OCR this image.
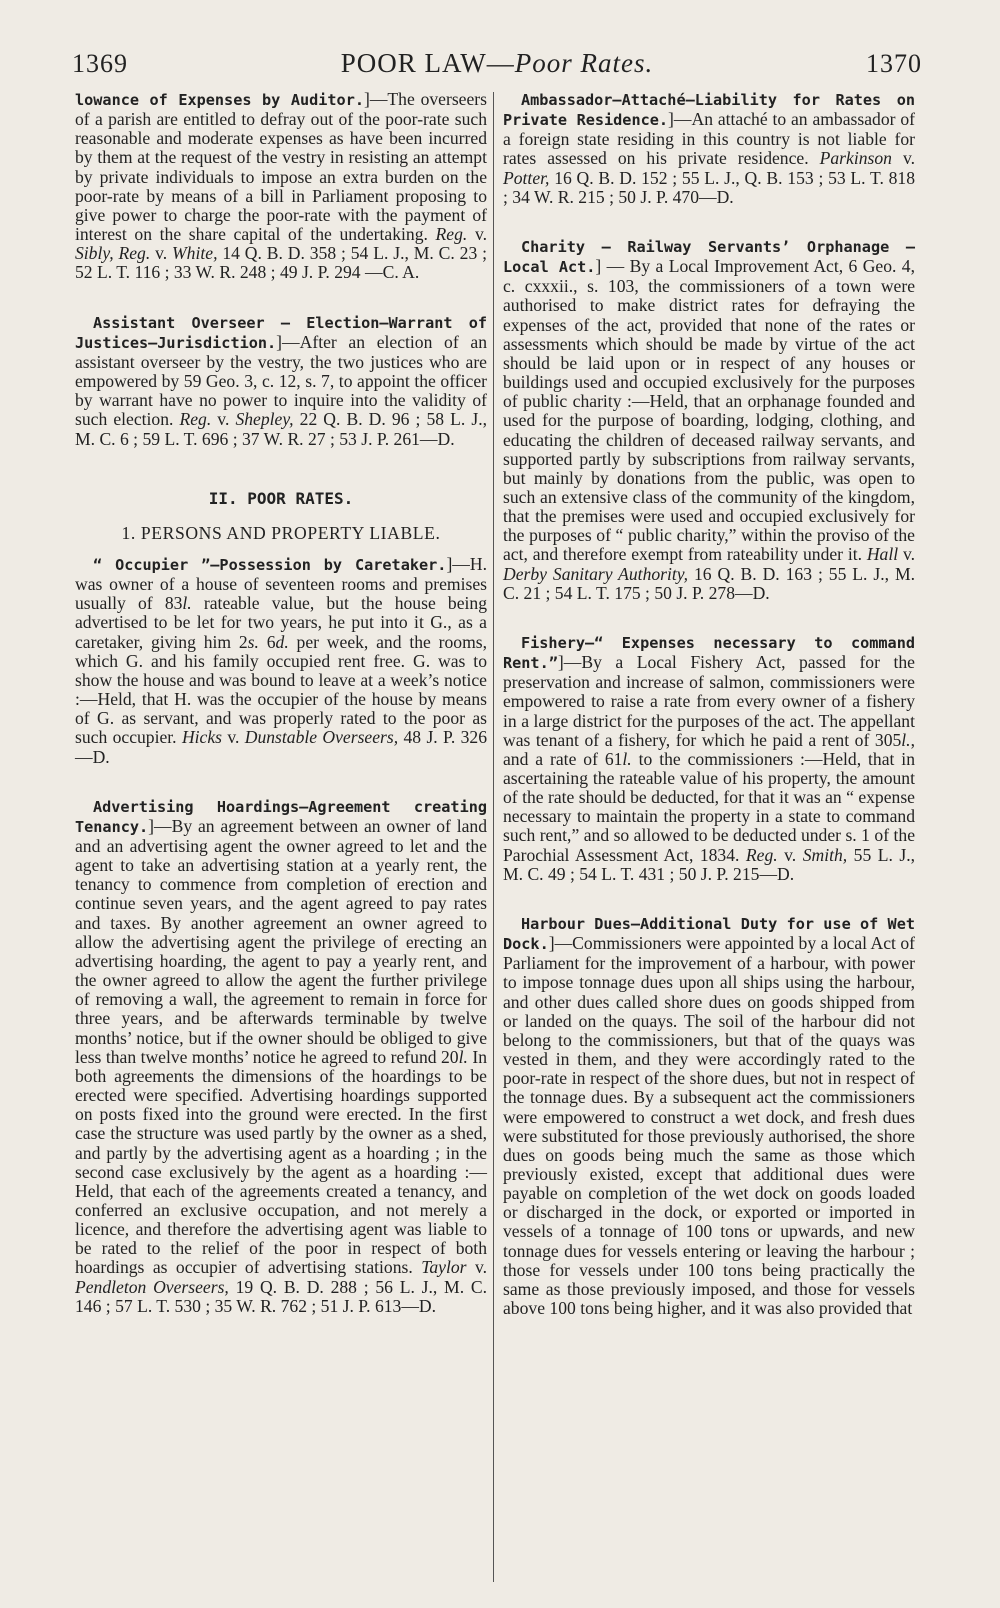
1369	POOR LAW—Poor Rates.	1370

lowance of Expenses by Auditor.]—The overseers of a parish are entitled to defray out of the poor-rate such reasonable and moderate expenses as have been incurred by them at the request of the vestry in resisting an attempt by private individuals to impose an extra burden on the poor-rate by means of a bill in Parliament proposing to give power to charge the poor-rate with the payment of interest on the share capital of the undertaking. Reg. v. Sibly, Reg. v. White, 14 Q. B. D. 358 ; 54 L. J., M. C. 23 ; 52 L. T. 116 ; 33 W. R. 248 ; 49 J. P. 294 —C. A.

Assistant Overseer — Election—Warrant of Justices—Jurisdiction.]—After an election of an assistant overseer by the vestry, the two justices who are empowered by 59 Geo. 3, c. 12, s. 7, to appoint the officer by warrant have no power to inquire into the validity of such election. Reg. v. Shepley, 22 Q. B. D. 96 ; 58 L. J., M. C. 6 ; 59 L. T. 696 ; 37 W. R. 27 ; 53 J. P. 261—D.

II. POOR RATES.
1. PERSONS AND PROPERTY LIABLE.

“ Occupier ”—Possession by Caretaker.]—H. was owner of a house of seventeen rooms and premises usually of 83l. rateable value, but the house being advertised to be let for two years, he put into it G., as a caretaker, giving him 2s. 6d. per week, and the rooms, which G. and his family occupied rent free. G. was to show the house and was bound to leave at a week’s notice :—Held, that H. was the occupier of the house by means of G. as servant, and was properly rated to the poor as such occupier. Hicks v. Dunstable Overseers, 48 J. P. 326—D.

Advertising Hoardings—Agreement creating Tenancy.]—By an agreement between an owner of land and an advertising agent the owner agreed to let and the agent to take an advertising station at a yearly rent, the tenancy to commence from completion of erection and continue seven years, and the agent agreed to pay rates and taxes. By another agreement an owner agreed to allow the advertising agent the privilege of erecting an advertising hoarding, the agent to pay a yearly rent, and the owner agreed to allow the agent the further privilege of removing a wall, the agreement to remain in force for three years, and be afterwards terminable by twelve months’ notice, but if the owner should be obliged to give less than twelve months’ notice he agreed to refund 20l. In both agreements the dimensions of the hoardings to be erected were specified. Advertising hoardings supported on posts fixed into the ground were erected. In the first case the structure was used partly by the owner as a shed, and partly by the advertising agent as a hoarding ; in the second case exclusively by the agent as a hoarding :—Held, that each of the agreements created a tenancy, and conferred an exclusive occupation, and not merely a licence, and therefore the advertising agent was liable to be rated to the relief of the poor in respect of both hoardings as occupier of advertising stations. Taylor v. Pendleton Overseers, 19 Q. B. D. 288 ; 56 L. J., M. C. 146 ; 57 L. T. 530 ; 35 W. R. 762 ; 51 J. P. 613—D.

Ambassador—Attaché—Liability for Rates on Private Residence.]—An attaché to an ambassador of a foreign state residing in this country is not liable for rates assessed on his private residence. Parkinson v. Potter, 16 Q. B. D. 152 ; 55 L. J., Q. B. 153 ; 53 L. T. 818 ; 34 W. R. 215 ; 50 J. P. 470—D.

Charity — Railway Servants’ Orphanage — Local Act.] — By a Local Improvement Act, 6 Geo. 4, c. cxxxii., s. 103, the commissioners of a town were authorised to make district rates for defraying the expenses of the act, provided that none of the rates or assessments which should be made by virtue of the act should be laid upon or in respect of any houses or buildings used and occupied exclusively for the purposes of public charity :—Held, that an orphanage founded and used for the purpose of boarding, lodging, clothing, and educating the children of deceased railway servants, and supported partly by subscriptions from railway servants, but mainly by donations from the public, was open to such an extensive class of the community of the kingdom, that the premises were used and occupied exclusively for the purposes of “ public charity,” within the proviso of the act, and therefore exempt from rateability under it. Hall v. Derby Sanitary Authority, 16 Q. B. D. 163 ; 55 L. J., M. C. 21 ; 54 L. T. 175 ; 50 J. P. 278—D.

Fishery—“ Expenses necessary to command Rent.”]—By a Local Fishery Act, passed for the preservation and increase of salmon, commissioners were empowered to raise a rate from every owner of a fishery in a large district for the purposes of the act. The appellant was tenant of a fishery, for which he paid a rent of 305l., and a rate of 61l. to the commissioners :—Held, that in ascertaining the rateable value of his property, the amount of the rate should be deducted, for that it was an “ expense necessary to maintain the property in a state to command such rent,” and so allowed to be deducted under s. 1 of the Parochial Assessment Act, 1834. Reg. v. Smith, 55 L. J., M. C. 49 ; 54 L. T. 431 ; 50 J. P. 215—D.

Harbour Dues—Additional Duty for use of Wet Dock.]—Commissioners were appointed by a local Act of Parliament for the improvement of a harbour, with power to impose tonnage dues upon all ships using the harbour, and other dues called shore dues on goods shipped from or landed on the quays. The soil of the harbour did not belong to the commissioners, but that of the quays was vested in them, and they were accordingly rated to the poor-rate in respect of the shore dues, but not in respect of the tonnage dues. By a subsequent act the commissioners were empowered to construct a wet dock, and fresh dues were substituted for those previously authorised, the shore dues on goods being much the same as those which previously existed, except that additional dues were payable on completion of the wet dock on goods loaded or discharged in the dock, or exported or imported in vessels of a tonnage of 100 tons or upwards, and new tonnage dues for vessels entering or leaving the harbour ; those for vessels under 100 tons being practically the same as those previously imposed, and those for vessels above 100 tons being higher, and it was also provided that
